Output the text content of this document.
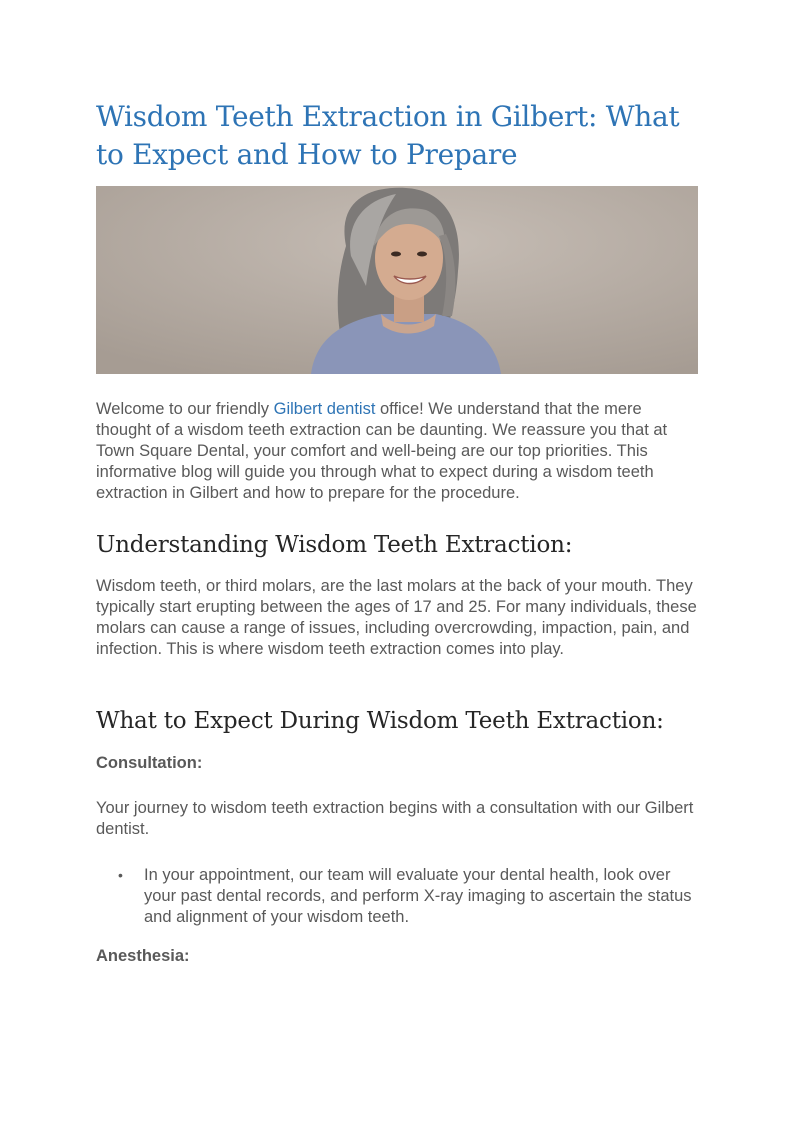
Wisdom Teeth Extraction in Gilbert: What to Expect and How to Prepare

Welcome to our friendly Gilbert dentist office! We understand that the mere thought of a wisdom teeth extraction can be daunting. We reassure you that at Town Square Dental, your comfort and well-being are our top priorities. This informative blog will guide you through what to expect during a wisdom teeth extraction in Gilbert and how to prepare for the procedure.

Understanding Wisdom Teeth Extraction:

Wisdom teeth, or third molars, are the last molars at the back of your mouth. They typically start erupting between the ages of 17 and 25. For many individuals, these molars can cause a range of issues, including overcrowding, impaction, pain, and infection. This is where wisdom teeth extraction comes into play.

What to Expect During Wisdom Teeth Extraction:
Consultation:

Your journey to wisdom teeth extraction begins with a consultation with our Gilbert dentist.

• In your appointment, our team will evaluate your dental health, look over your past dental records, and perform X-ray imaging to ascertain the status and alignment of your wisdom teeth.
Anesthesia:
